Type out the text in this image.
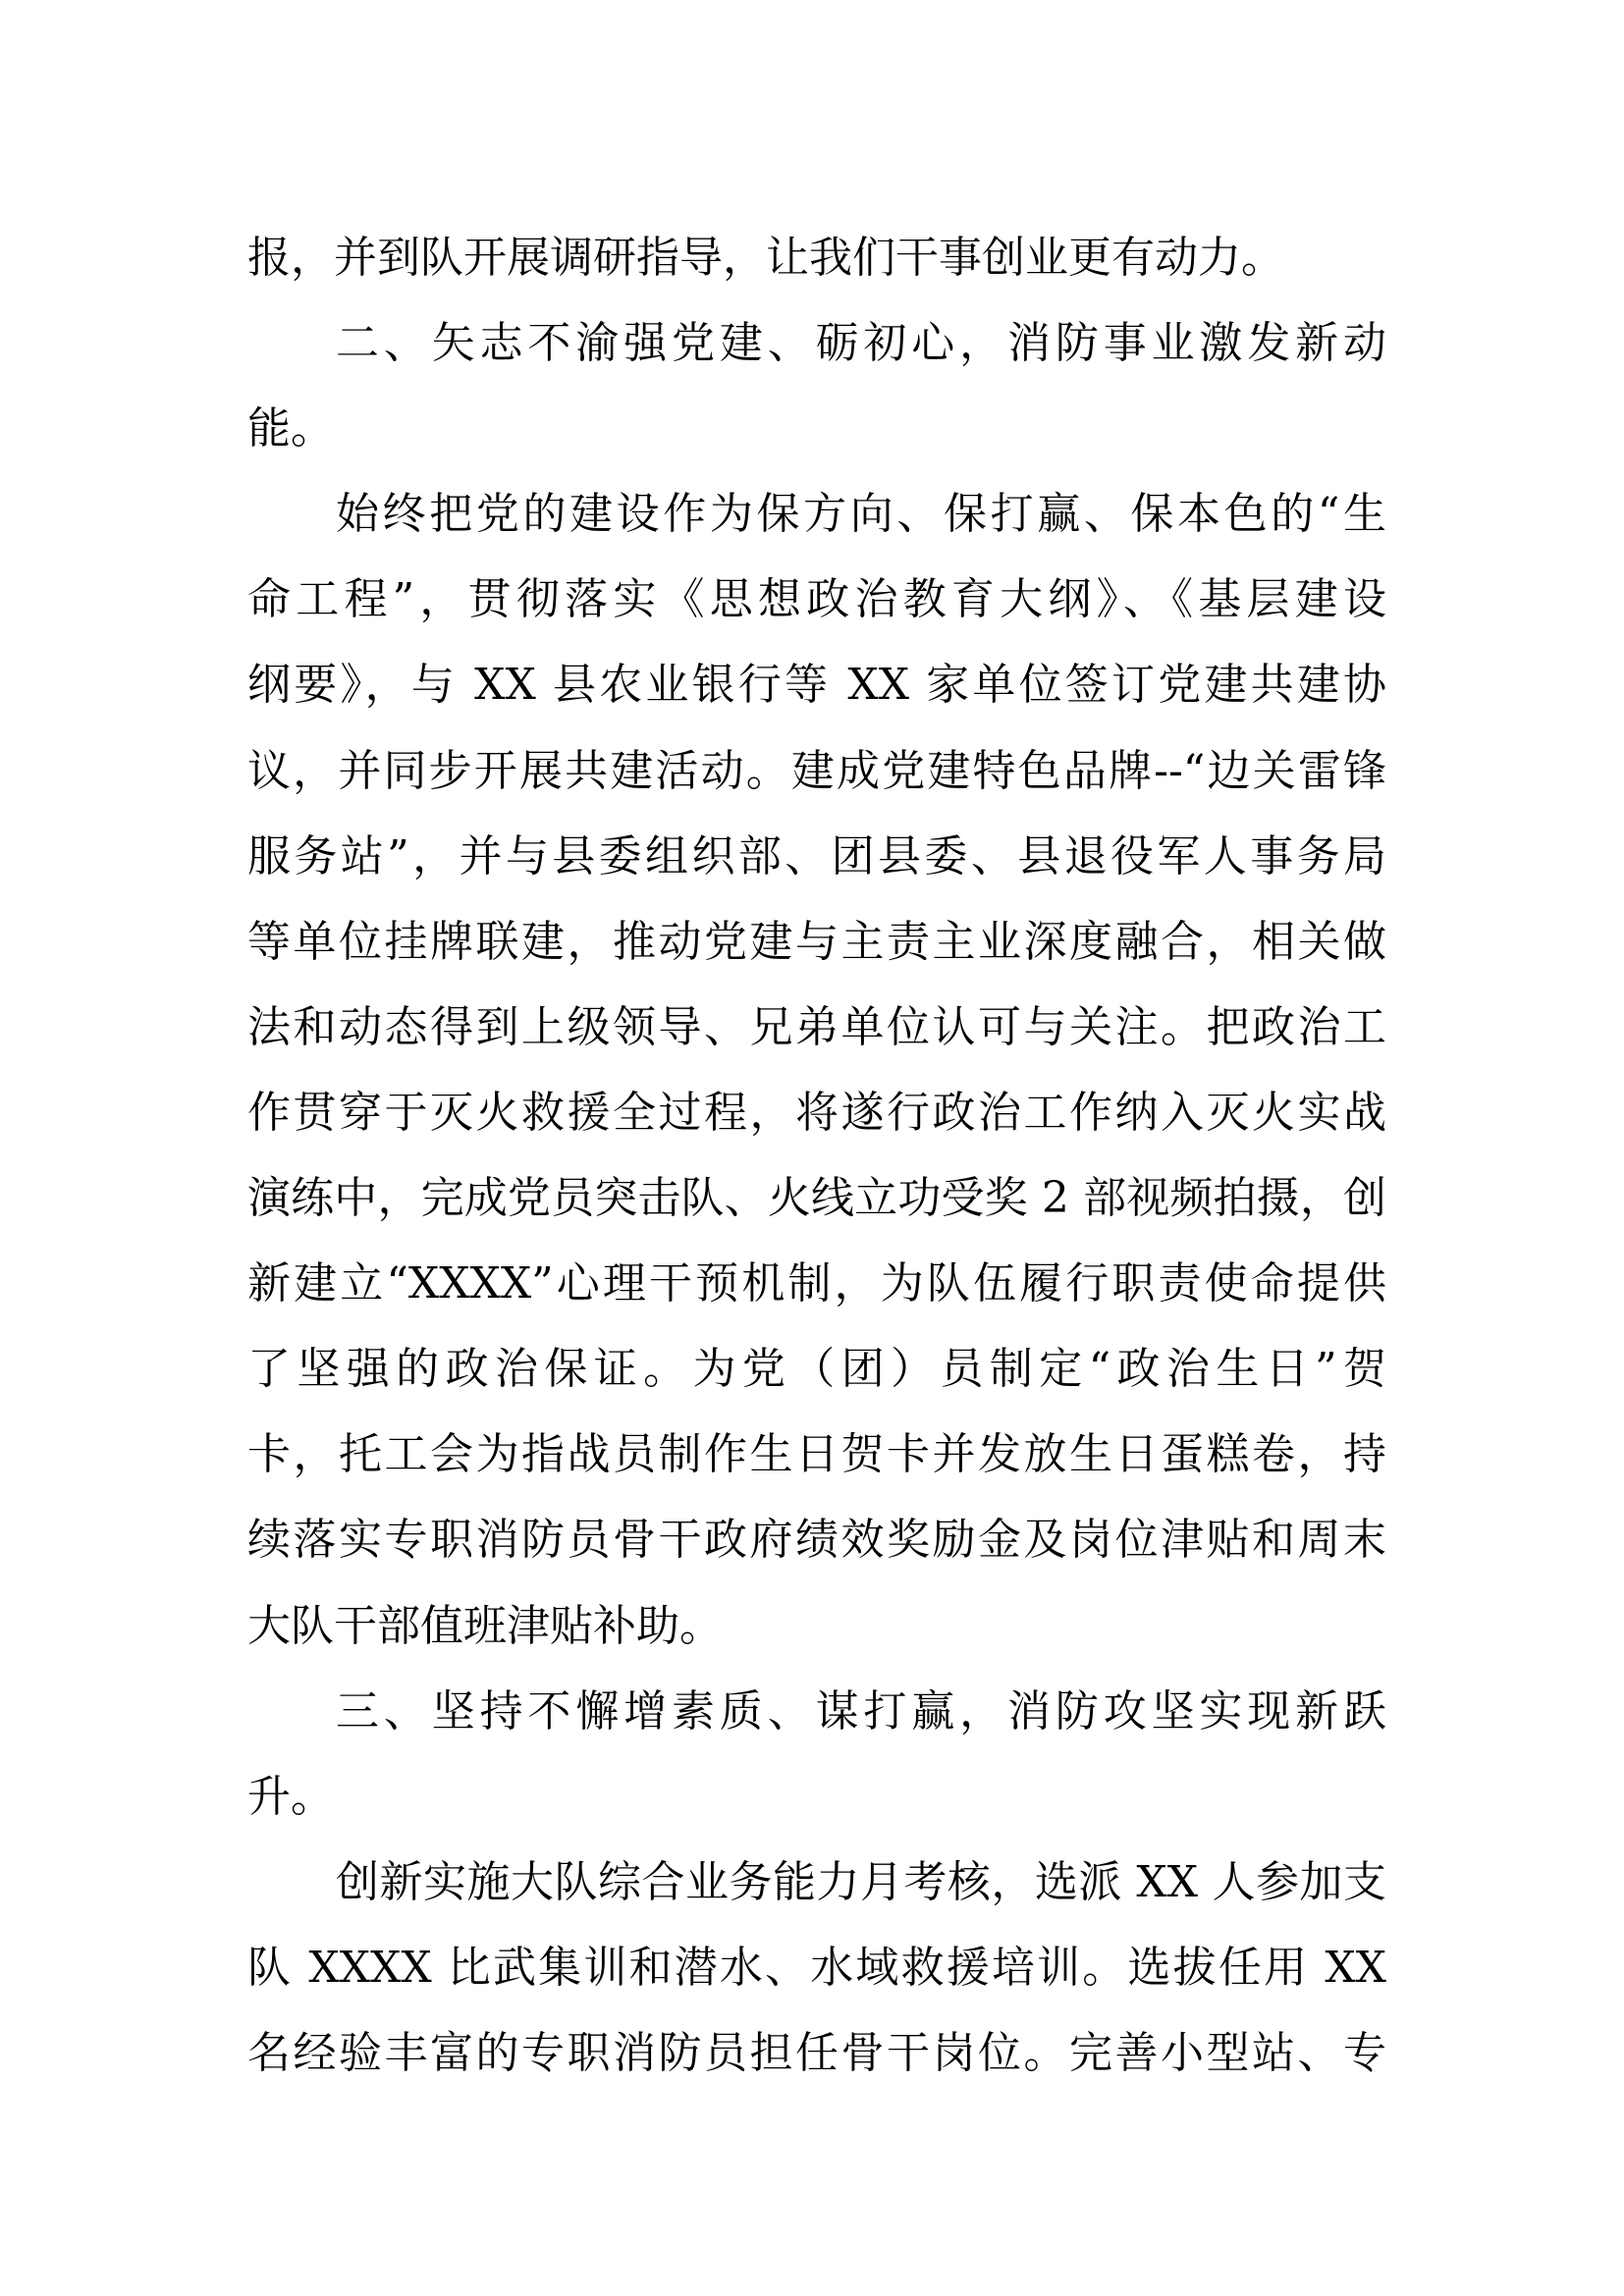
报，并到队开展调研指导，让我们干事创业更有动力。
二、矢志不渝强党建、砺初心，消防事业激发新动
能。
始终把党的建设作为保方向、保打赢、保本色的“生
命工程”，贯彻落实《思想政治教育大纲》、《基层建设
纲要》，与 XX 县农业银行等 XX 家单位签订党建共建协
议，并同步开展共建活动。建成党建特色品牌--“边关雷锋
服务站”，并与县委组织部、团县委、县退役军人事务局
等单位挂牌联建，推动党建与主责主业深度融合，相关做
法和动态得到上级领导、兄弟单位认可与关注。把政治工
作贯穿于灭火救援全过程，将遂行政治工作纳入灭火实战
演练中，完成党员突击队、火线立功受奖 2 部视频拍摄，创
新建立“XXXX”心理干预机制，为队伍履行职责使命提供
了坚强的政治保证。为党（团）员制定“政治生日”贺
卡，托工会为指战员制作生日贺卡并发放生日蛋糕卷，持
续落实专职消防员骨干政府绩效奖励金及岗位津贴和周末
大队干部值班津贴补助。
三、坚持不懈增素质、谋打赢，消防攻坚实现新跃
升。
创新实施大队综合业务能力月考核，选派 XX 人参加支
队 XXXX 比武集训和潜水、水域救援培训。选拔任用 XX
名经验丰富的专职消防员担任骨干岗位。完善小型站、专
